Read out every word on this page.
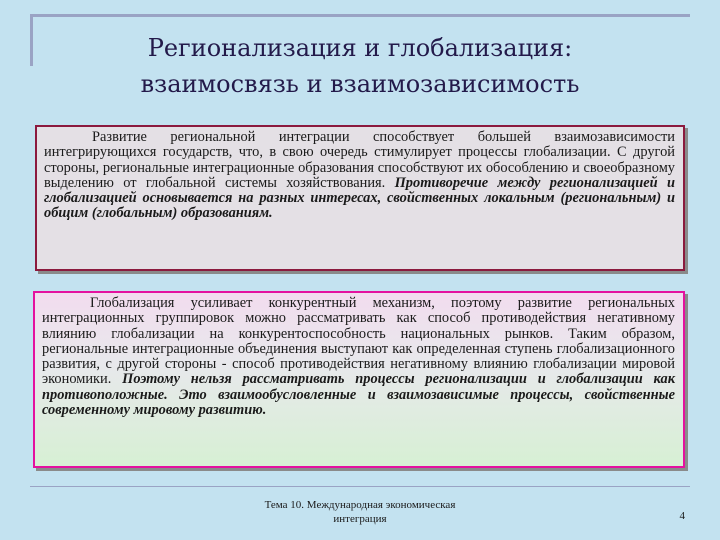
Регионализация и глобализация:
взаимосвязь и взаимозависимость

Развитие региональной интеграции способствует большей взаимозависимости интегрирующихся государств, что, в свою очередь стимулирует процессы глобализации. С другой стороны, региональные интеграционные образования способствуют их обособлению и своеобразному выделению от глобальной системы хозяйствования. Противоречие между регионализацией и глобализацией основывается на разных интересах, свойственных локальным (региональным) и общим (глобальным) образованиям.

Глобализация усиливает конкурентный механизм, поэтому развитие региональных интеграционных группировок можно рассматривать как способ противодействия негативному влиянию глобализации на конкурентоспособность национальных рынков. Таким образом, региональные интеграционные объединения выступают как определенная ступень глобализационного развития, с другой стороны - способ противодействия негативному влиянию глобализации мировой экономики. Поэтому нельзя рассматривать процессы регионализации и глобализации как противоположные. Это взаимообусловленные и взаимозависимые процессы, свойственные современному мировому развитию.

Тема 10. Международная экономическая
интеграция	4
